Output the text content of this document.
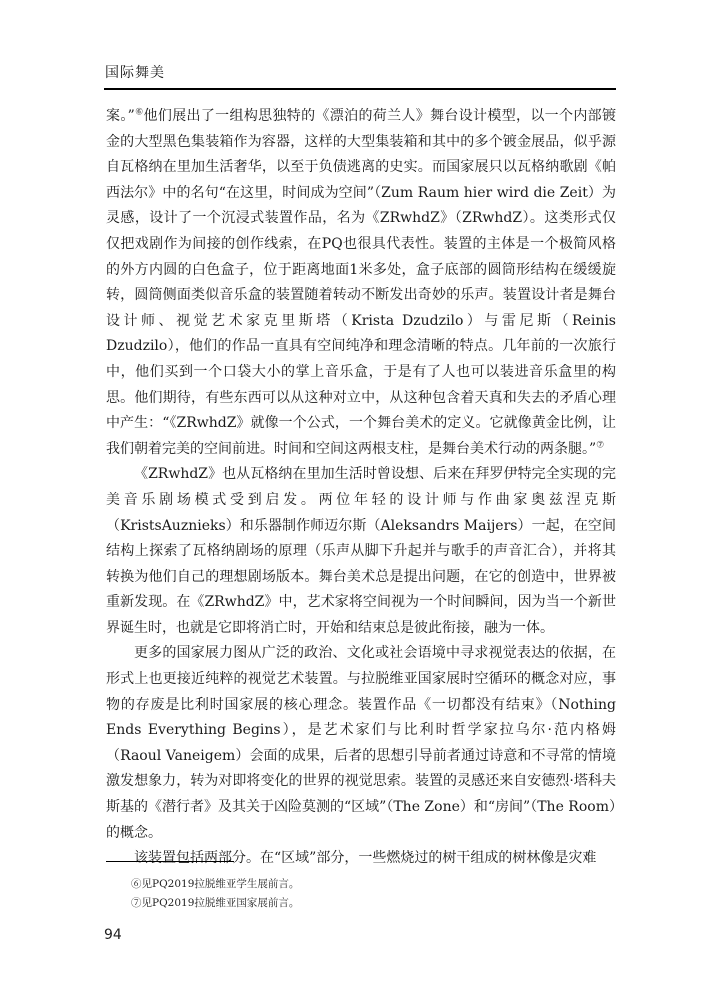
国际舞美

案。”⑥他们展出了一组构思独特的《漂泊的荷兰人》舞台设计模型，以一个内部镀金的大型黑色集装箱作为容器，这样的大型集装箱和其中的多个镀金展品，似乎源自瓦格纳在里加生活奢华，以至于负债逃离的史实。而国家展只以瓦格纳歌剧《帕西法尔》中的名句“在这里，时间成为空间”（Zum Raum hier wird die Zeit）为灵感，设计了一个沉浸式装置作品，名为《ZRwhdZ》（ZRwhdZ）。这类形式仅仅把戏剧作为间接的创作线索，在PQ也很具代表性。装置的主体是一个极简风格的外方内圆的白色盒子，位于距离地面1米多处，盒子底部的圆筒形结构在缓缓旋转，圆筒侧面类似音乐盒的装置随着转动不断发出奇妙的乐声。装置设计者是舞台设计师、视觉艺术家克里斯塔（Krista Dzudzilo）与雷尼斯（Reinis Dzudzilo），他们的作品一直具有空间纯净和理念清晰的特点。几年前的一次旅行中，他们买到一个口袋大小的掌上音乐盒，于是有了人也可以装进音乐盒里的构思。他们期待，有些东西可以从这种对立中，从这种包含着天真和失去的矛盾心理中产生：“《ZRwhdZ》就像一个公式，一个舞台美术的定义。它就像黄金比例，让我们朝着完美的空间前进。时间和空间这两根支柱，是舞台美术行动的两条腿。”⑦

《ZRwhdZ》也从瓦格纳在里加生活时曾设想、后来在拜罗伊特完全实现的完美音乐剧场模式受到启发。两位年轻的设计师与作曲家奥兹涅克斯（KristsAuznieks）和乐器制作师迈尔斯（Aleksandrs Maijers）一起，在空间结构上探索了瓦格纳剧场的原理（乐声从脚下升起并与歌手的声音汇合），并将其转换为他们自己的理想剧场版本。舞台美术总是提出问题，在它的创造中，世界被重新发现。在《ZRwhdZ》中，艺术家将空间视为一个时间瞬间，因为当一个新世界诞生时，也就是它即将消亡时，开始和结束总是彼此衔接，融为一体。

更多的国家展力图从广泛的政治、文化或社会语境中寻求视觉表达的依据，在形式上也更接近纯粹的视觉艺术装置。与拉脱维亚国家展时空循环的概念对应，事物的存废是比利时国家展的核心理念。装置作品《一切都没有结束》（Nothing Ends Everything Begins），是艺术家们与比利时哲学家拉乌尔·范内格姆（Raoul Vaneigem）会面的成果，后者的思想引导前者通过诗意和不寻常的情境激发想象力，转为对即将变化的世界的视觉思索。装置的灵感还来自安德烈·塔科夫斯基的《潜行者》及其关于凶险莫测的“区域”（The Zone）和“房间”（The Room）的概念。

该装置包括两部分。在“区域”部分，一些燃烧过的树干组成的树林像是灾难

⑥见PQ2019拉脱维亚学生展前言。
⑦见PQ2019拉脱维亚国家展前言。
94
